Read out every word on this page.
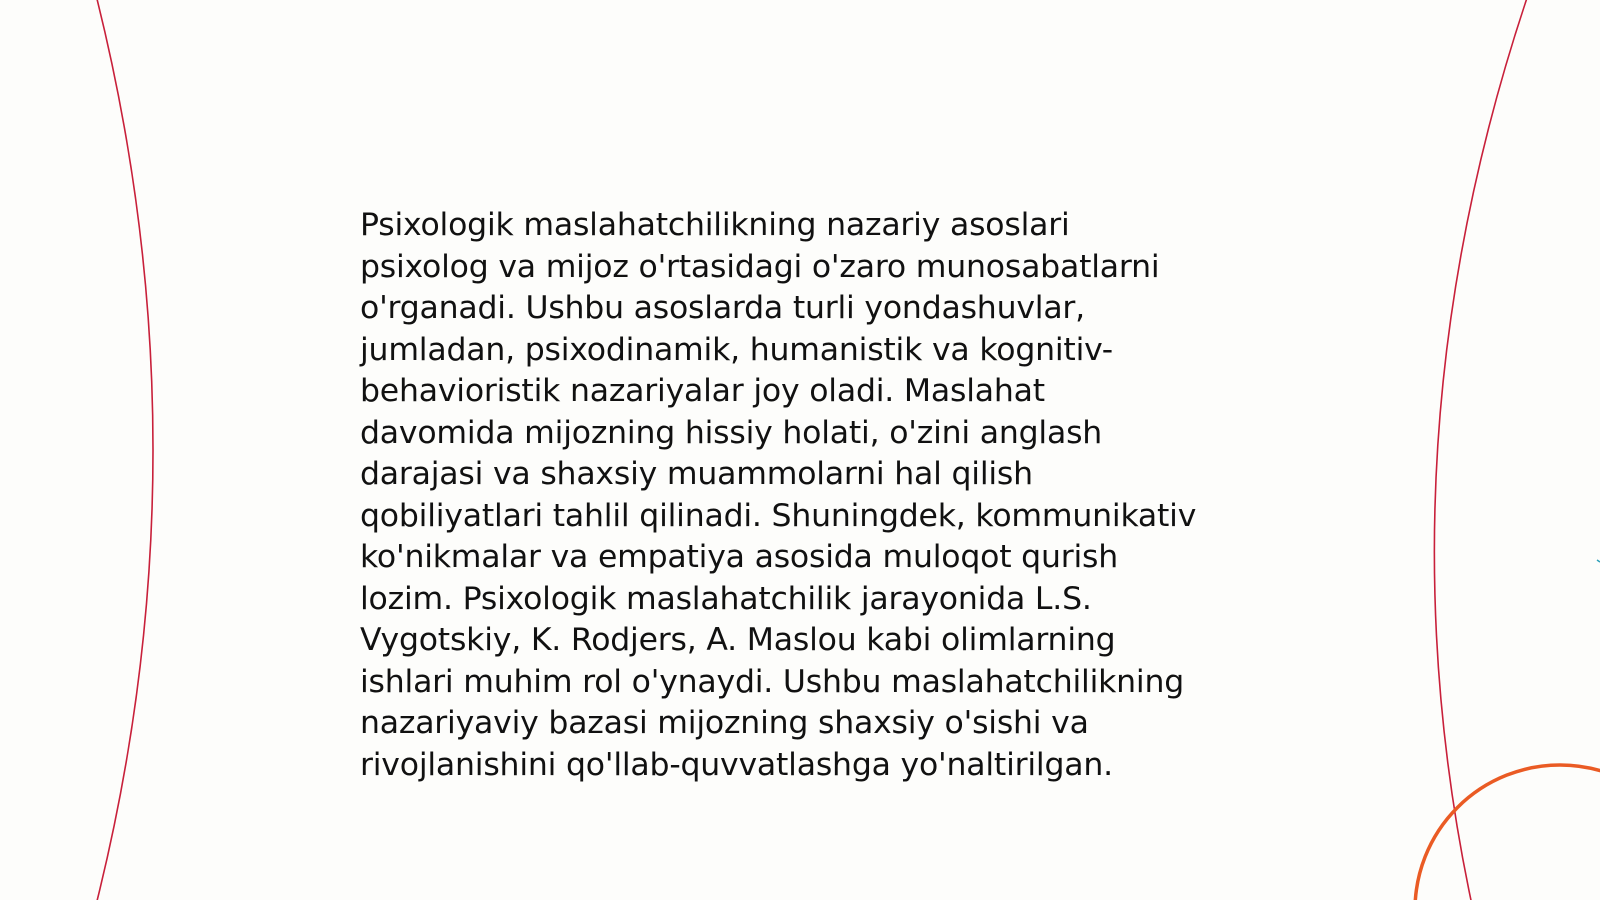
Psixologik maslahatchilikning nazariy asoslari
psixolog va mijoz o'rtasidagi o'zaro munosabatlarni
o'rganadi. Ushbu asoslarda turli yondashuvlar,
jumladan, psixodinamik, humanistik va kognitiv-
behavioristik nazariyalar joy oladi. Maslahat
davomida mijozning hissiy holati, o'zini anglash
darajasi va shaxsiy muammolarni hal qilish
qobiliyatlari tahlil qilinadi. Shuningdek, kommunikativ
ko'nikmalar va empatiya asosida muloqot qurish
lozim. Psixologik maslahatchilik jarayonida L.S.
Vygotskiy, K. Rodjers, A. Maslou kabi olimlarning
ishlari muhim rol o'ynaydi. Ushbu maslahatchilikning
nazariyaviy bazasi mijozning shaxsiy o'sishi va
rivojlanishini qo'llab-quvvatlashga yo'naltirilgan.
